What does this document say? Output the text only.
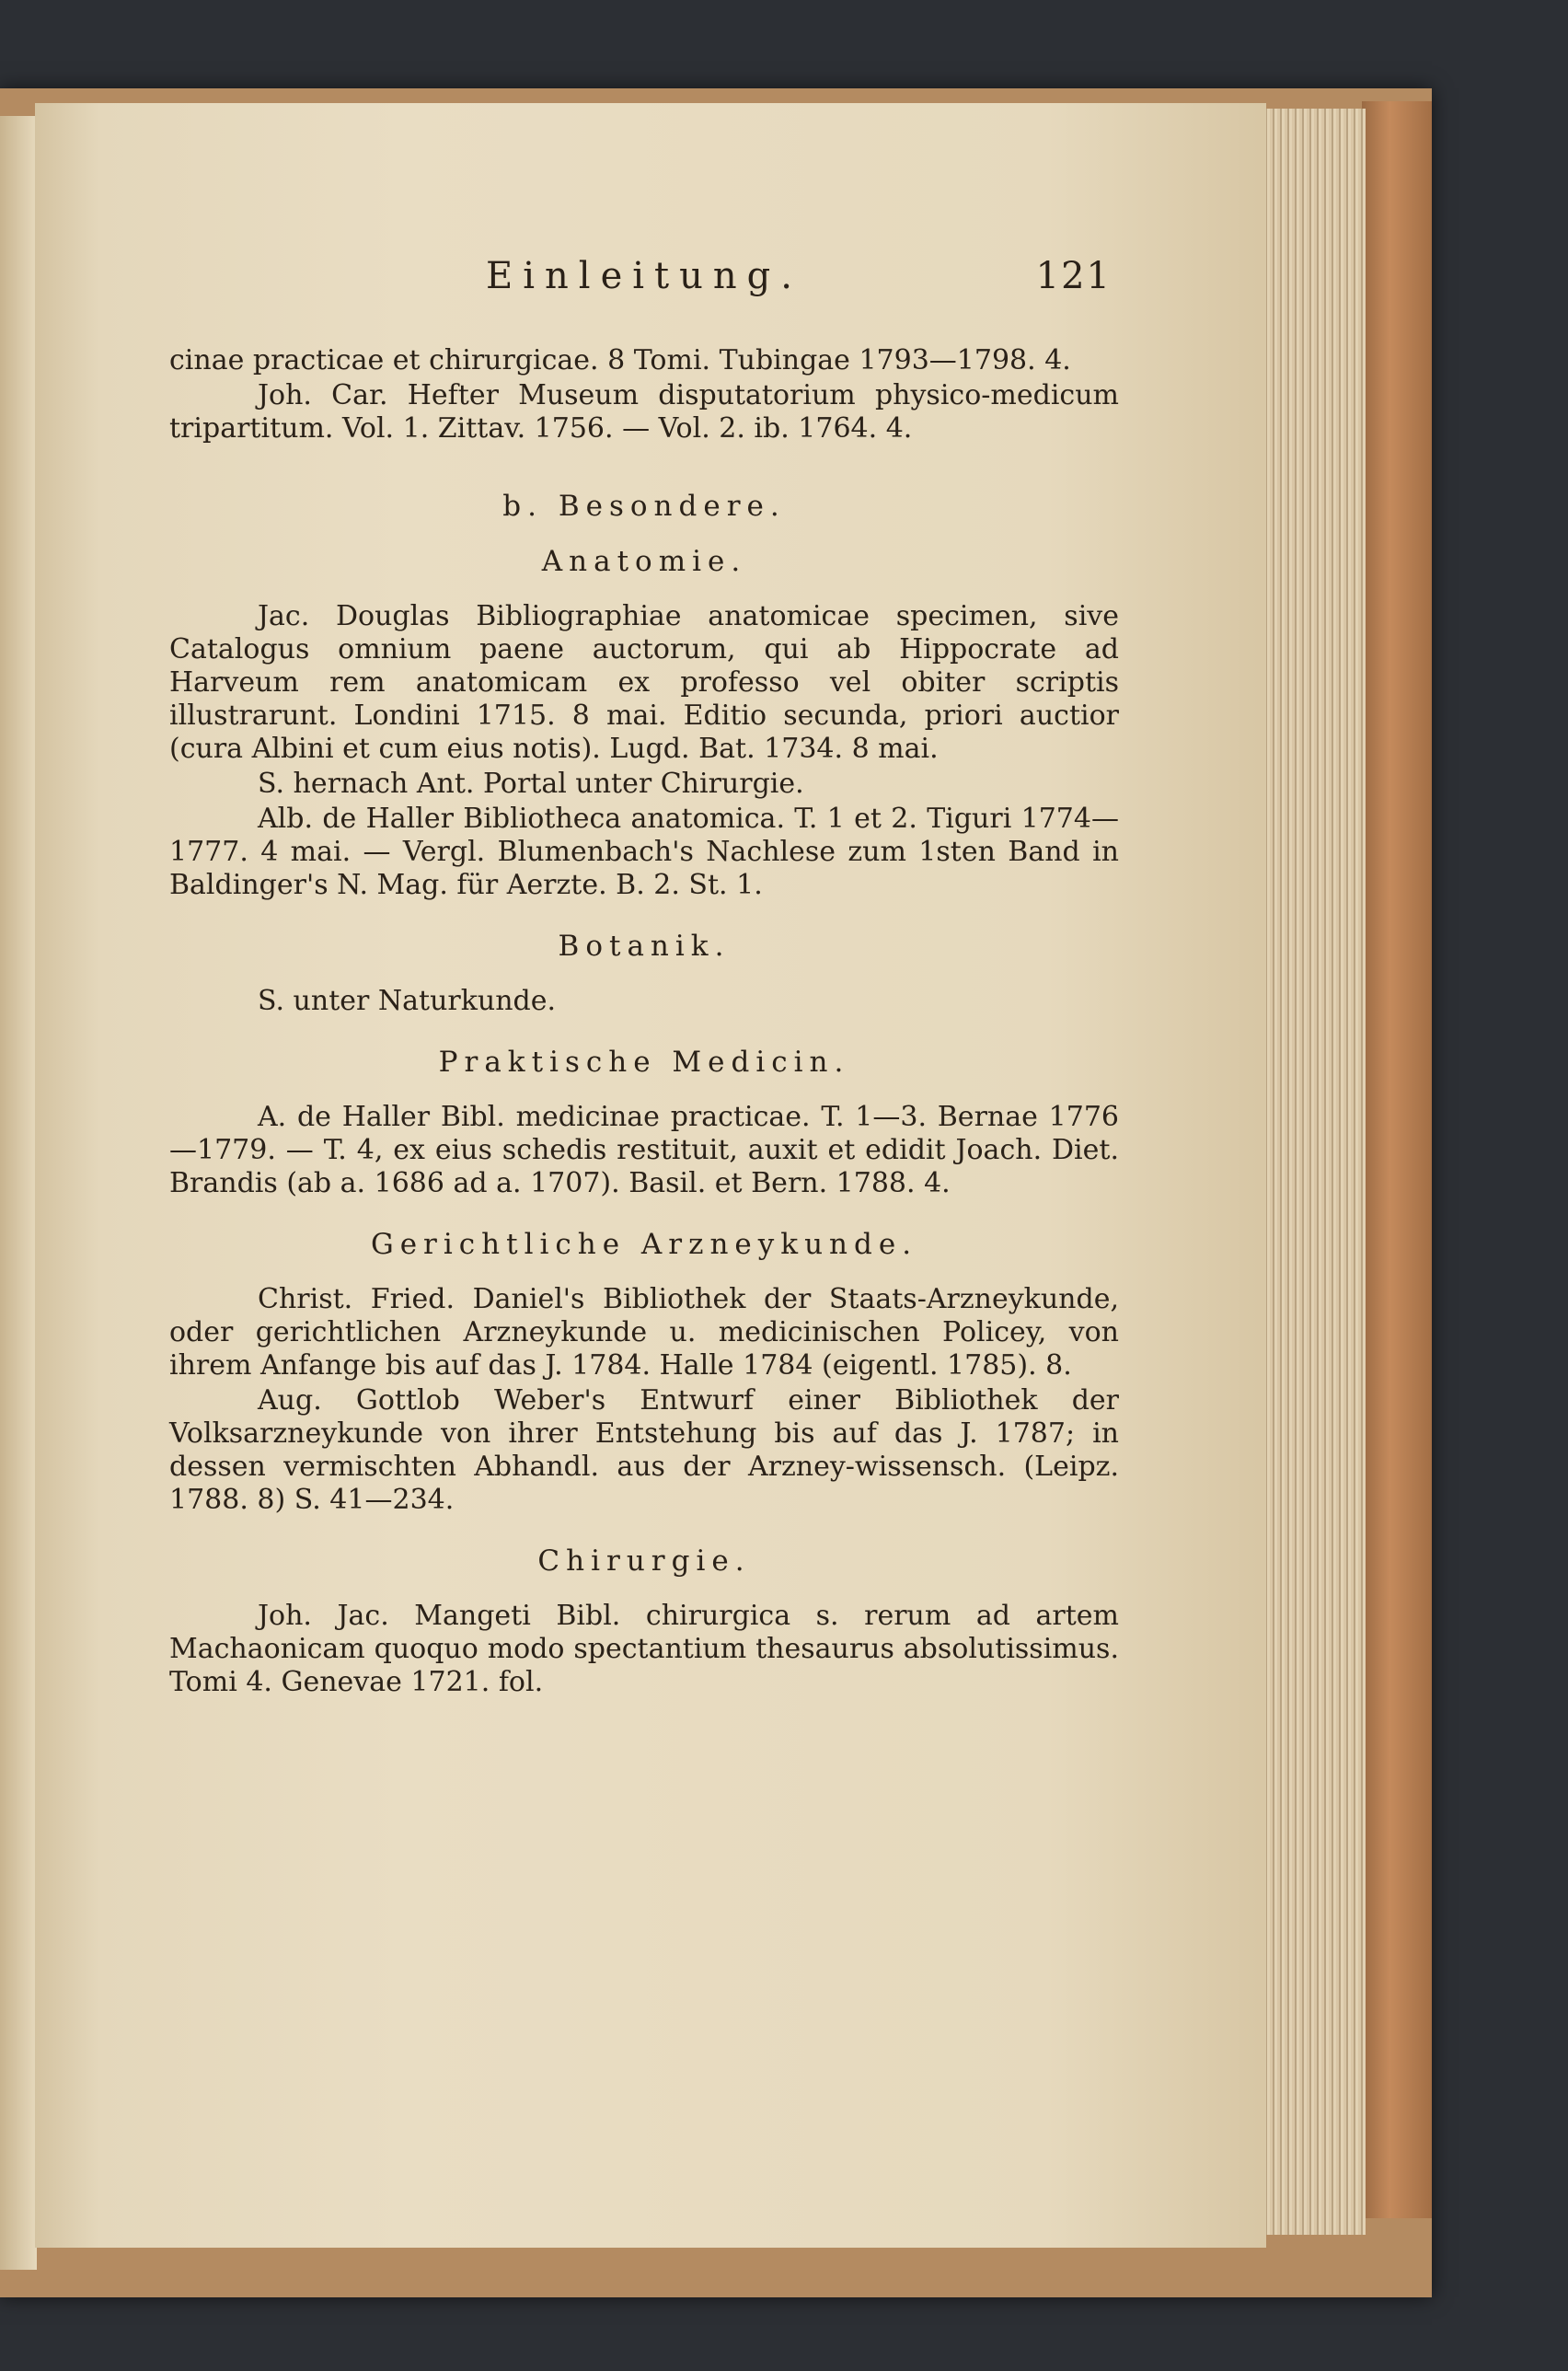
Einleitung.	121

cinae practicae et chirurgicae. 8 Tomi. Tubingae 1793—1798. 4.

Joh. Car. Hefter Museum disputatorium physico-medicum tripartitum. Vol. 1. Zittav. 1756. — Vol. 2. ib. 1764. 4.

b. Besondere.
Anatomie.

Jac. Douglas Bibliographiae anatomicae specimen, sive Catalogus omnium paene auctorum, qui ab Hippocrate ad Harveum rem anatomicam ex professo vel obiter scriptis illustrarunt. Londini 1715. 8 mai. Editio secunda, priori auctior (cura Albini et cum eius notis). Lugd. Bat. 1734. 8 mai.

S. hernach Ant. Portal unter Chirurgie.

Alb. de Haller Bibliotheca anatomica. T. 1 et 2. Tiguri 1774—1777. 4 mai. — Vergl. Blumenbach's Nachlese zum 1sten Band in Baldinger's N. Mag. für Aerzte. B. 2. St. 1.

Botanik.

S. unter Naturkunde.

Praktische Medicin.

A. de Haller Bibl. medicinae practicae. T. 1—3. Bernae 1776—1779. — T. 4, ex eius schedis restituit, auxit et edidit Joach. Diet. Brandis (ab a. 1686 ad a. 1707). Basil. et Bern. 1788. 4.

Gerichtliche Arzneykunde.

Christ. Fried. Daniel's Bibliothek der Staats-Arzneykunde, oder gerichtlichen Arzneykunde u. medicinischen Policey, von ihrem Anfange bis auf das J. 1784. Halle 1784 (eigentl. 1785). 8.

Aug. Gottlob Weber's Entwurf einer Bibliothek der Volksarzneykunde von ihrer Entstehung bis auf das J. 1787; in dessen vermischten Abhandl. aus der Arzney-wissensch. (Leipz. 1788. 8) S. 41—234.

Chirurgie.

Joh. Jac. Mangeti Bibl. chirurgica s. rerum ad artem Machaonicam quoquo modo spectantium thesaurus absolutissimus. Tomi 4. Genevae 1721. fol.
